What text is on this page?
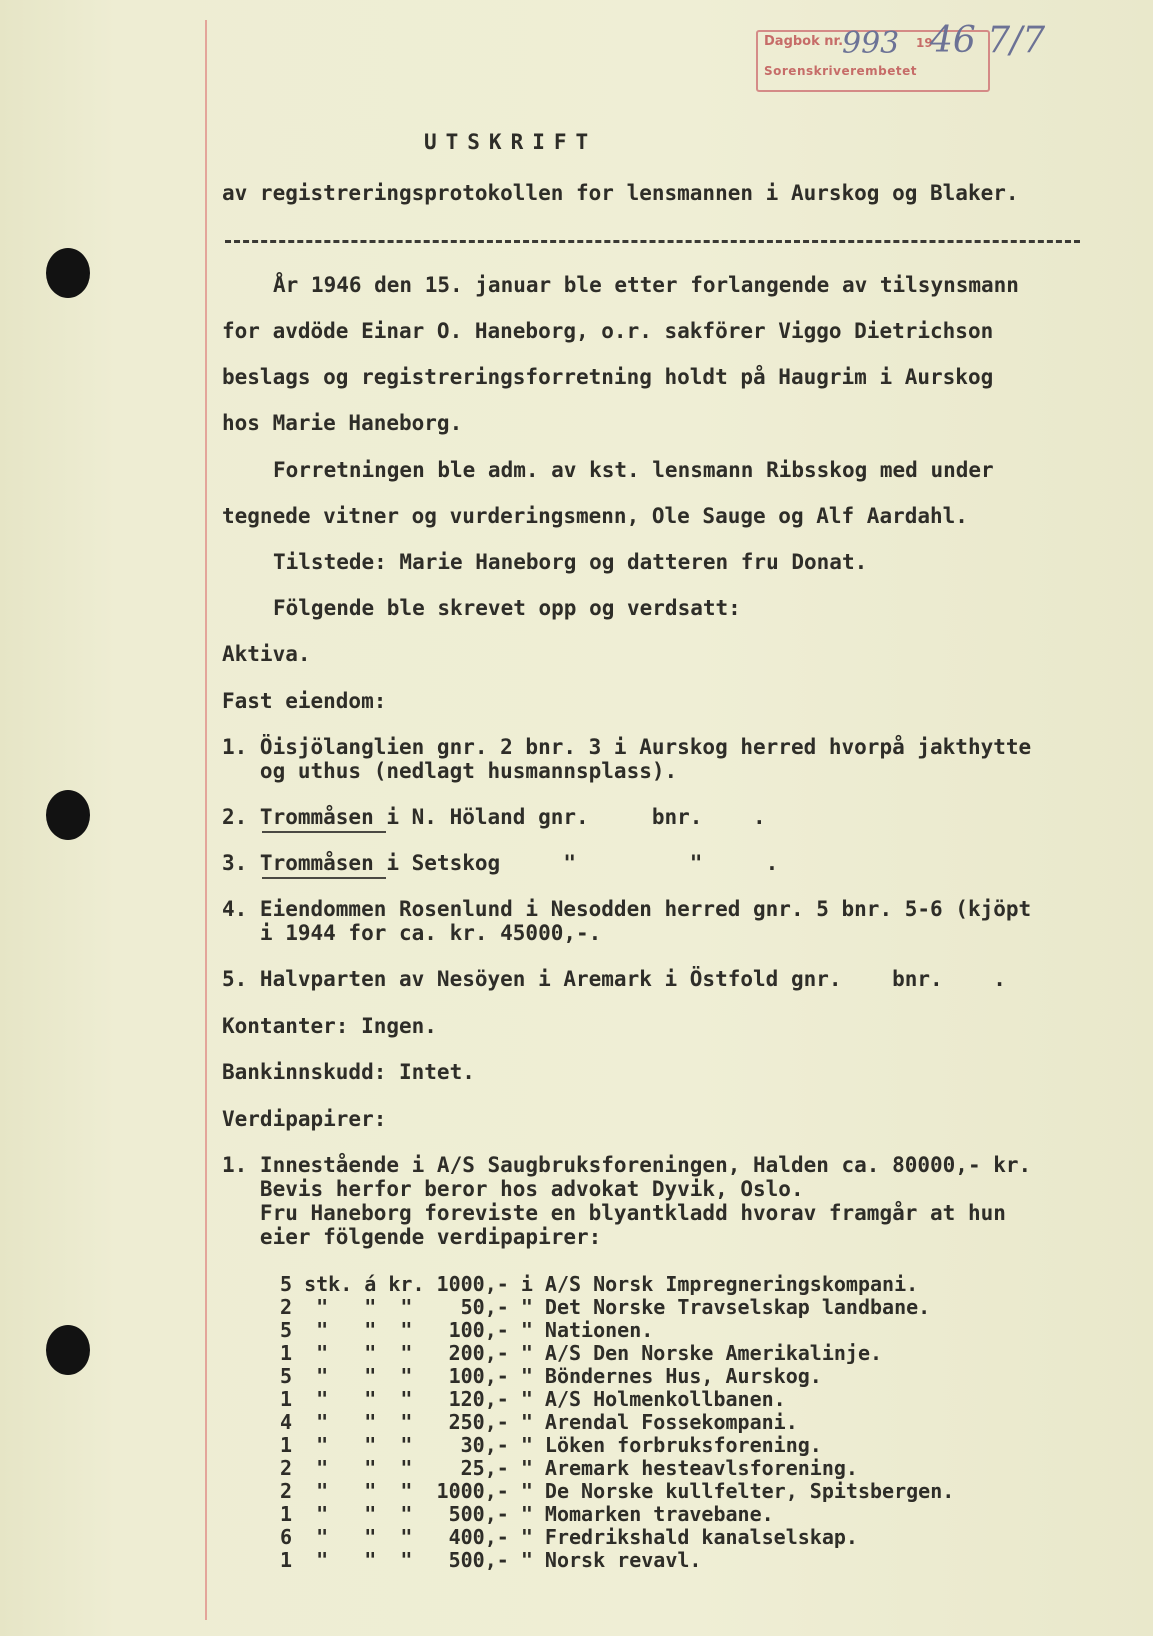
Dagbok nr.
993 19
46 7/7
Sorenskriverembetet
UTSKRIFT
av registreringsprotokollen for lensmannen i Aurskog og Blaker.
År 1946 den 15. januar ble etter forlangende av tilsynsmann
for avdöde Einar O. Haneborg, o.r. sakförer Viggo Dietrichson
beslags og registreringsforretning holdt på Haugrim i Aurskog
hos Marie Haneborg.
Forretningen ble adm. av kst. lensmann Ribsskog med under
tegnede vitner og vurderingsmenn, Ole Sauge og Alf Aardahl.
Tilstede: Marie Haneborg og datteren fru Donat.
Fölgende ble skrevet opp og verdsatt:
Aktiva.
Fast eiendom:
1. Öisjölanglien gnr. 2 bnr. 3 i Aurskog herred hvorpå jakthytte
og uthus (nedlagt husmannsplass).
2. Trommåsen i N. Höland gnr.     bnr.    .
3. Trommåsen i Setskog     "         "     .
4. Eiendommen Rosenlund i Nesodden herred gnr. 5 bnr. 5-6 (kjöpt
i 1944 for ca. kr. 45000,-.
5. Halvparten av Nesöyen i Aremark i Östfold gnr.    bnr.    .
Kontanter: Ingen.
Bankinnskudd: Intet.
Verdipapirer:
1. Innestående i A/S Saugbruksforeningen, Halden ca. 80000,- kr.
Bevis herfor beror hos advokat Dyvik, Oslo.
Fru Haneborg foreviste en blyantkladd hvorav framgår at hun
eier fölgende verdipapirer:
5 stk. á kr. 1000,- i A/S Norsk Impregneringskompani.
2  "   "  "    50,- " Det Norske Travselskap landbane.
5  "   "  "   100,- " Nationen.
1  "   "  "   200,- " A/S Den Norske Amerikalinje.
5  "   "  "   100,- " Böndernes Hus, Aurskog.
1  "   "  "   120,- " A/S Holmenkollbanen.
4  "   "  "   250,- " Arendal Fossekompani.
1  "   "  "    30,- " Löken forbruksforening.
2  "   "  "    25,- " Aremark hesteavlsforening.
2  "   "  "  1000,- " De Norske kullfelter, Spitsbergen.
1  "   "  "   500,- " Momarken travebane.
6  "   "  "   400,- " Fredrikshald kanalselskap.
1  "   "  "   500,- " Norsk revavl.
